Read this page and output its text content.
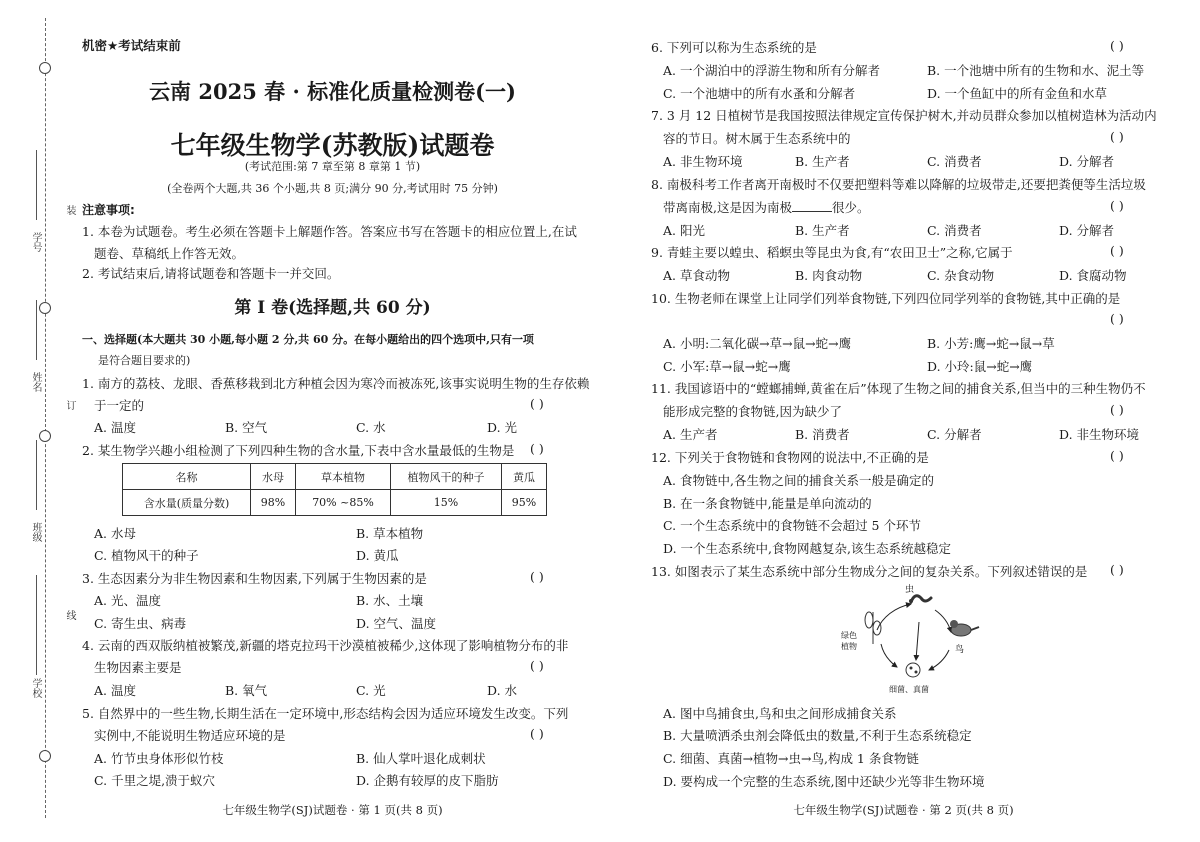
学号
姓名
班级
学校
装
订
线
机密★考试结束前
云南 2025 春 · 标准化质量检测卷(一)
七年级生物学(苏教版)试题卷
(考试范围:第 7 章至第 8 章第 1 节)
(全卷两个大题,共 36 个小题,共 8 页;满分 90 分,考试用时 75 分钟)
注意事项:
1. 本卷为试题卷。考生必须在答题卡上解题作答。答案应书写在答题卡的相应位置上,在试
题卷、草稿纸上作答无效。
2. 考试结束后,请将试题卷和答题卡一并交回。
第 Ⅰ 卷(选择题,共 60 分)
一、选择题(本大题共 30 小题,每小题 2 分,共 60 分。在每小题给出的四个选项中,只有一项
是符合题目要求的)
1. 南方的荔枝、龙眼、香蕉移栽到北方种植会因为寒冷而被冻死,该事实说明生物的生存依赖
于一定的	( )
A. 温度	B. 空气	C. 水	D. 光
2. 某生物学兴趣小组检测了下列四种生物的含水量,下表中含水量最低的生物是 ( )
名称	水母	草本植物	植物风干的种子	黄瓜
含水量(质量分数)	98%	70% ~85%	15%	95%
A. 水母	B. 草本植物
C. 植物风干的种子	D. 黄瓜
3. 生态因素分为非生物因素和生物因素,下列属于生物因素的是	( )
A. 光、温度	B. 水、土壤
C. 寄生虫、病毒	D. 空气、温度
4. 云南的西双版纳植被繁茂,新疆的塔克拉玛干沙漠植被稀少,这体现了影响植物分布的非
生物因素主要是	( )
A. 温度	B. 氧气	C. 光	D. 水
5. 自然界中的一些生物,长期生活在一定环境中,形态结构会因为适应环境发生改变。下列
实例中,不能说明生物适应环境的是	( )
A. 竹节虫身体形似竹枝	B. 仙人掌叶退化成刺状
C. 千里之堤,溃于蚁穴	D. 企鹅有较厚的皮下脂肪
七年级生物学(SJ)试题卷 · 第 1 页(共 8 页)
6. 下列可以称为生态系统的是	( )
A. 一个湖泊中的浮游生物和所有分解者	B. 一个池塘中所有的生物和水、泥土等
C. 一个池塘中的所有水蚤和分解者	D. 一个鱼缸中的所有金鱼和水草
7. 3 月 12 日植树节是我国按照法律规定宣传保护树木,并动员群众参加以植树造林为活动内
容的节日。树木属于生态系统中的	( )
A. 非生物环境	B. 生产者	C. 消费者	D. 分解者
8. 南极科考工作者离开南极时不仅要把塑料等难以降解的垃圾带走,还要把粪便等生活垃圾
带离南极,这是因为南极	很少。	( )
A. 阳光	B. 生产者	C. 消费者	D. 分解者
9. 青蛙主要以蝗虫、稻螟虫等昆虫为食,有“农田卫士”之称,它属于	( )
A. 草食动物	B. 肉食动物	C. 杂食动物	D. 食腐动物
10. 生物老师在课堂上让同学们列举食物链,下列四位同学列举的食物链,其中正确的是
( )
A. 小明:二氧化碳→草→鼠→蛇→鹰	B. 小芳:鹰→蛇→鼠→草
C. 小军:草→鼠→蛇→鹰	D. 小玲:鼠→蛇→鹰
11. 我国谚语中的“螳螂捕蝉,黄雀在后”体现了生物之间的捕食关系,但当中的三种生物仍不
能形成完整的食物链,因为缺少了	( )
A. 生产者	B. 消费者	C. 分解者	D. 非生物环境
12. 下列关于食物链和食物网的说法中,不正确的是	( )
A. 食物链中,各生物之间的捕食关系一般是确定的
B. 在一条食物链中,能量是单向流动的
C. 一个生态系统中的食物链不会超过 5 个环节
D. 一个生态系统中,食物网越复杂,该生态系统越稳定
13. 如图表示了某生态系统中部分生物成分之间的复杂关系。下列叙述错误的是 ( )
虫
绿色
植物	鸟
细菌、真菌
A. 图中鸟捕食虫,鸟和虫之间形成捕食关系
B. 大量喷洒杀虫剂会降低虫的数量,不利于生态系统稳定
C. 细菌、真菌→植物→虫→鸟,构成 1 条食物链
D. 要构成一个完整的生态系统,图中还缺少光等非生物环境
七年级生物学(SJ)试题卷 · 第 2 页(共 8 页)
